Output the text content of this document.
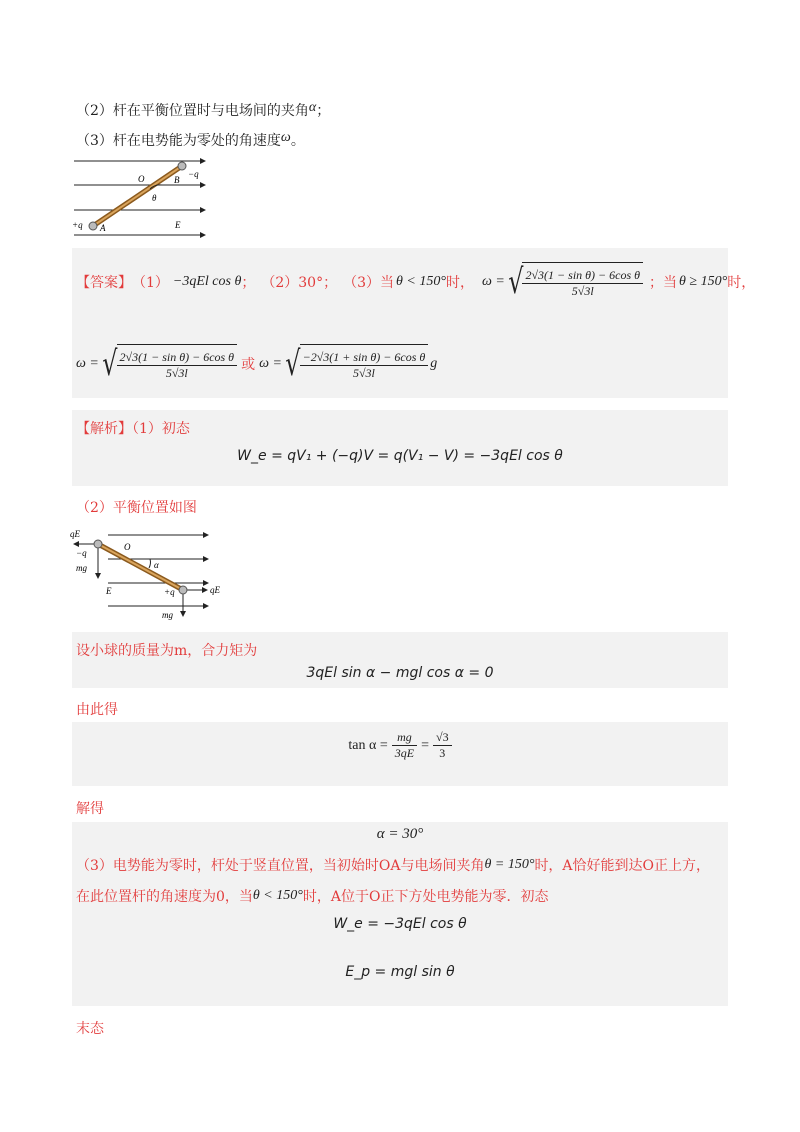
（2）杆在平衡位置时与电场间的夹角α；
（3）杆在电势能为零处的角速度ω。
−q
O	B
θ
+q A	E
【答案】 （1） −3qEl cos θ ； （2）30°； （3）当 θ < 150° 时， ω = √ $\frac{\text{2√3(1 − sin θ) − 6cos θ}}{5√3l}$ ；当 θ ≥ 150° 时，
ω = √ $\frac{\text{2√3(1 − sin θ) − 6cos θ}}{5√3l}$ 或 ω = √ $\frac{\text{−2√3(1 + sin θ) − 6cos θ}}{5√3l}$ g
【解析】（1）初态
W_e = qV₁ + (−q)V = q(V₁ − V) = −3qEl cos θ
（2）平衡位置如图
qE
−q
O
mg	α
E	+q	qE
mg
设小球的质量为m，合力矩为
3qEl sin α − mgl cos α = 0
由此得
$\tan \alpha = \frac{mg}{3qE} = \frac{√3}{3}$
解得
α = 30°
（3）电势能为零时，杆处于竖直位置，当初始时OA与电场间夹角θ = 150°时，A恰好能到达O正上方，
在此位置杆的角速度为0，当θ < 150°时，A位于O正下方处电势能为零．初态
W_e = −3qEl cos θ
E_p = mgl sin θ
末态
